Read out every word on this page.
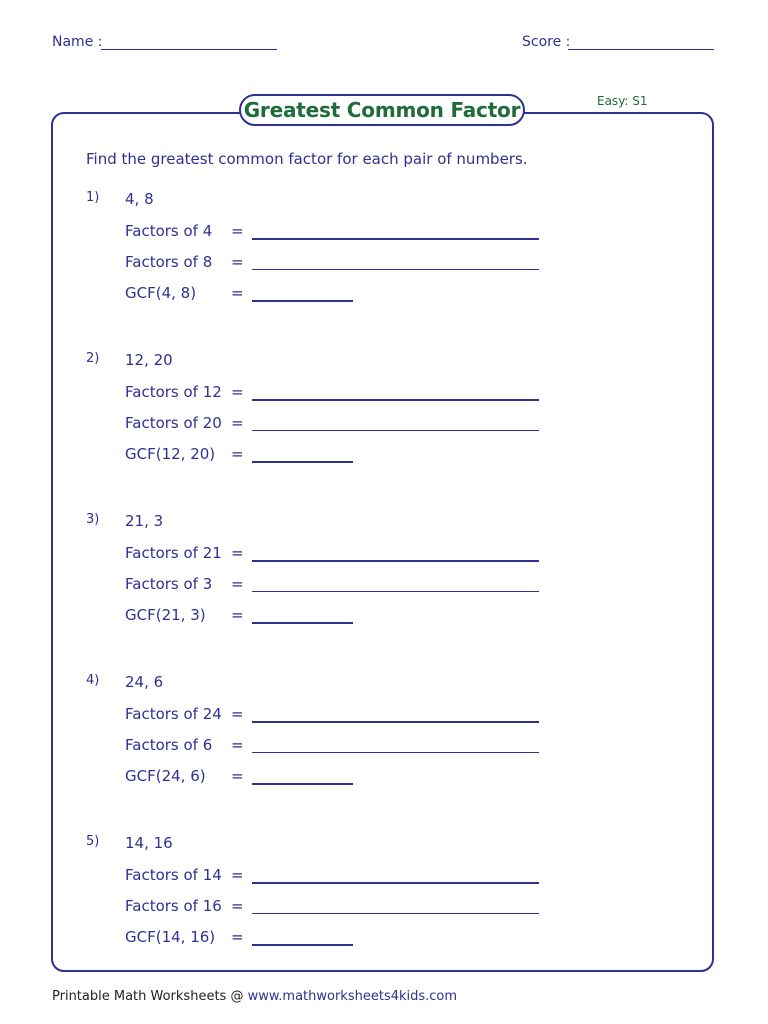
Name :	Score :
Greatest Common Factor	Easy: S1
Find the greatest common factor for each pair of numbers.
1) 4, 8
Factors of 4 =
Factors of 8 =
GCF(4, 8) =
2) 12, 20
Factors of 12 =
Factors of 20 =
GCF(12, 20) =
3) 21, 3
Factors of 21 =
Factors of 3 =
GCF(21, 3) =
4) 24, 6
Factors of 24 =
Factors of 6 =
GCF(24, 6) =
5) 14, 16
Factors of 14 =
Factors of 16 =
GCF(14, 16) =
Printable Math Worksheets @ www.mathworksheets4kids.com
